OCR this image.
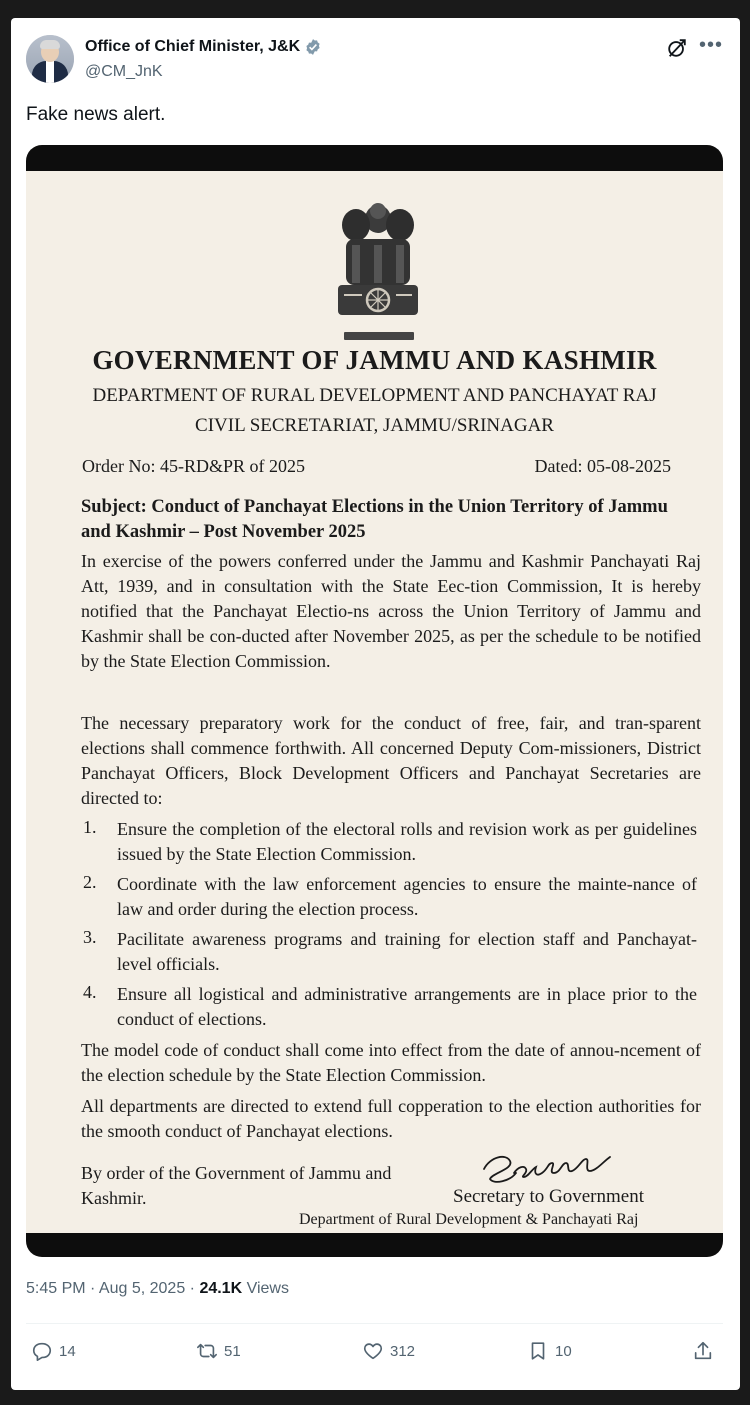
Office of Chief Minister, J&K
@CM_JnK
•••
Fake news alert.
GOVERNMENT OF JAMMU AND KASHMIR
DEPARTMENT OF RURAL DEVELOPMENT AND PANCHAYAT RAJ
CIVIL SECRETARIAT, JAMMU/SRINAGAR
Order No: 45-RD&PR of 2025	Dated: 05-08-2025
Subject: Conduct of Panchayat Elections in the Union Territory of Jammu and Kashmir – Post November 2025
In exercise of the powers conferred under the Jammu and Kashmir Panchayati Raj Att, 1939, and in consultation with the State Eec-tion Commission, It is hereby notified that the Panchayat Electio-ns across the Union Territory of Jammu and Kashmir shall be con-ducted after November 2025, as per the schedule to be notified by the State Election Commission.
The necessary preparatory work for the conduct of free, fair, and tran-sparent elections shall commence forthwith. All concerned Deputy Com-missioners, District Panchayat Officers, Block Development Officers and Panchayat Secretaries are directed to:
1. Ensure the completion of the electoral rolls and revision work as per guidelines issued by the State Election Commission.
2. Coordinate with the law enforcement agencies to ensure the mainte-nance of law and order during the election process.
3. Pacilitate awareness programs and training for election staff and Panchayat-level officials.
4. Ensure all logistical and administrative arrangements are in place prior to the conduct of elections.
The model code of conduct shall come into effect from the date of annou-ncement of the election schedule by the State Election Commission.
All departments are directed to extend full copperation to the election authorities for the smooth conduct of Panchayat elections.
By order of the Government of Jammu and Kashmir.	Secretary to Government
Department of Rural Development & Panchayati Raj
5:45 PM · Aug 5, 2025 · 24.1K Views
14	51	312	10
